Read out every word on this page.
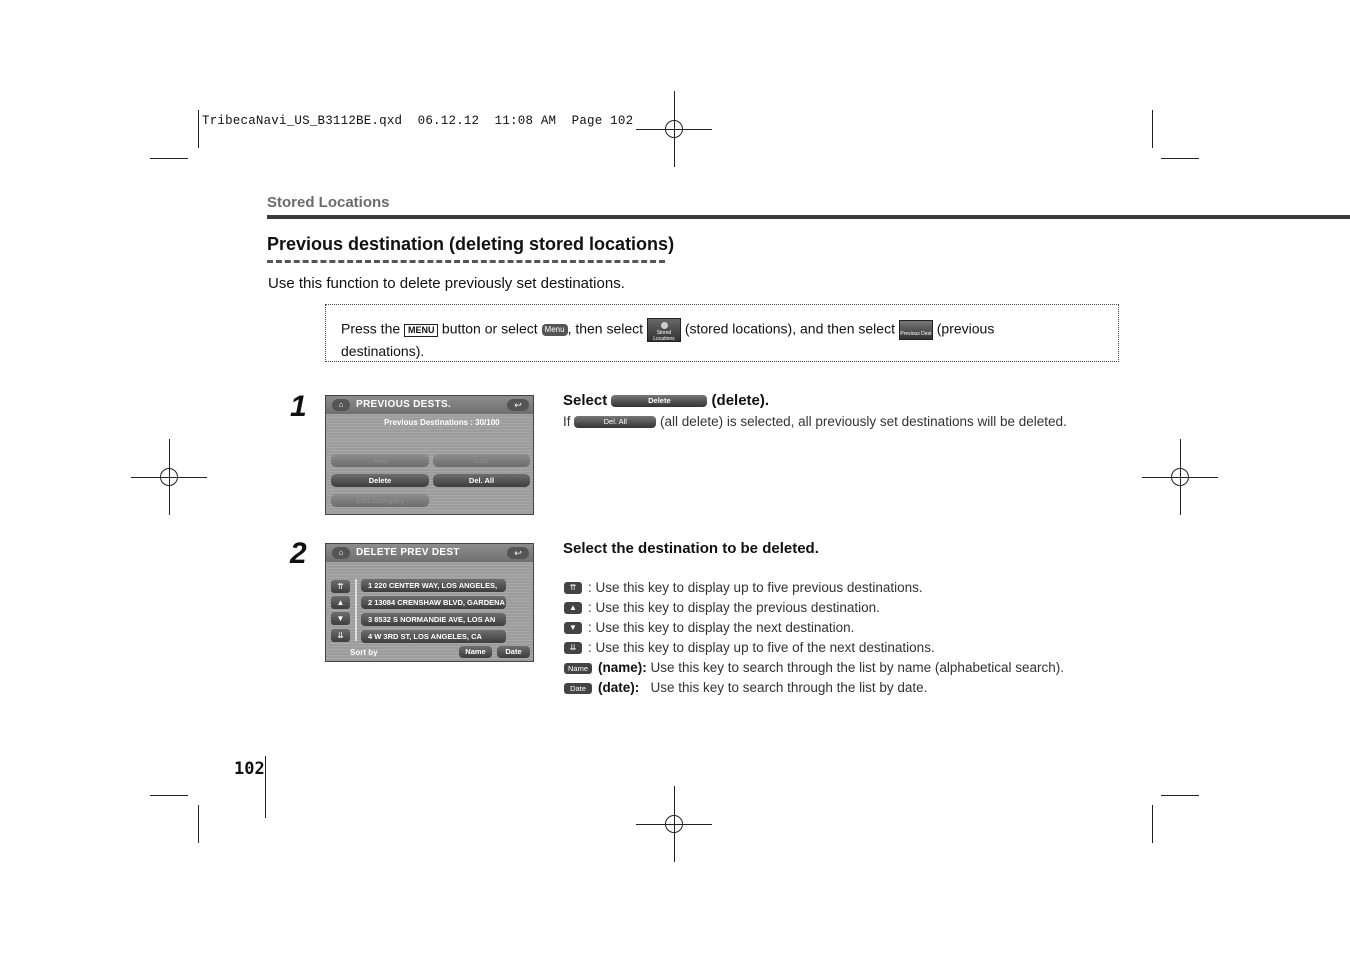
TribecaNavi_US_B3112BE.qxd  06.12.12  11:08 AM  Page 102
Stored Locations
Previous destination (deleting stored locations)
Use this function to delete previously set destinations.
Press the MENU button or select Menu , then select	Stored Locations (stored locations), and then select Previous Dest (previous
destinations).
1	⌂	PREVIOUS DESTS.	↩
Previous Destinations : 30/100
Add	List
Delete	Del. All
Edit Category
Select	Delete	(delete).
If	Del. All (all delete) is selected, all previously set destinations will be deleted.
2	⌂	DELETE PREV DEST	↩
⇈
▲
▼
⇊
1 220 CENTER WAY, LOS ANGELES,
2 13084 CRENSHAW BLVD, GARDENA
3 8532 S NORMANDIE AVE, LOS AN
4 W 3RD ST, LOS ANGELES, CA
Sort by	Name	Date
Select the destination to be deleted.
⇈ : Use this key to display up to five previous destinations.
▲ : Use this key to display the previous destination.
▼ : Use this key to display the next destination.
⇊ : Use this key to display up to five of the next destinations.
Name (name): Use this key to search through the list by name (alphabetical search).
Date (date): Use this key to search through the list by date.
102
